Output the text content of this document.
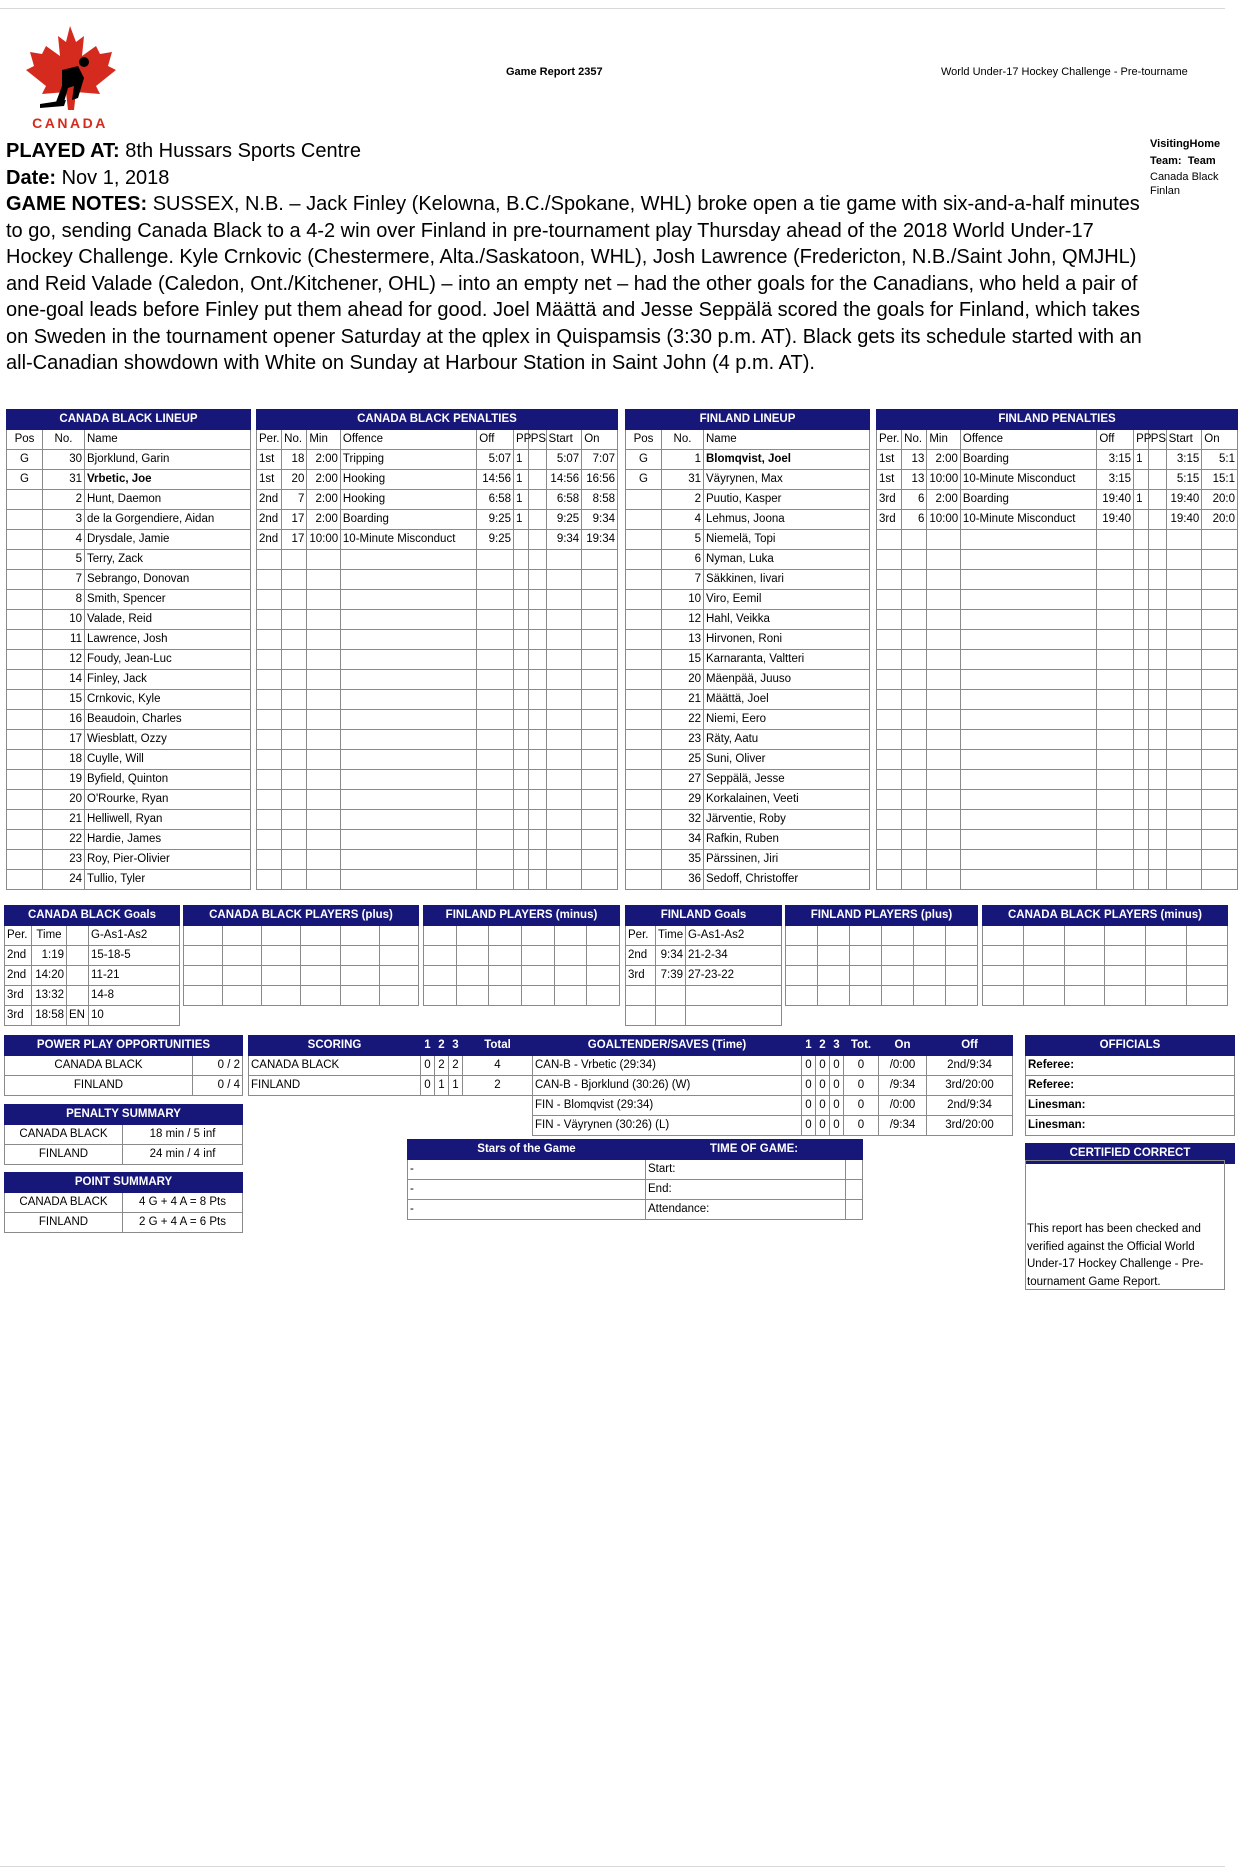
CANADA
Game Report 2357	World Under-17 Hockey Challenge - Pre-tourname
PLAYED AT: 8th Hussars Sports Centre
Date: Nov 1, 2018
GAME NOTES: SUSSEX, N.B. – Jack Finley (Kelowna, B.C./Spokane, WHL) broke open a tie game with six-and-a-half minutes to go, sending Canada Black to a 4-2 win over Finland in pre-tournament play Thursday ahead of the 2018 World Under-17 Hockey Challenge. Kyle Crnkovic (Chestermere, Alta./Saskatoon, WHL), Josh Lawrence (Fredericton, N.B./Saint John, QMJHL) and Reid Valade (Caledon, Ont./Kitchener, OHL) – into an empty net – had the other goals for the Canadians, who held a pair of one-goal leads before Finley put them ahead for good. Joel Määttä and Jesse Seppälä scored the goals for Finland, which takes on Sweden in the tournament opener Saturday at the qplex in Quispamsis (3:30 p.m. AT). Black gets its schedule started with an all-Canadian showdown with White on Sunday at Harbour Station in Saint John (4 p.m. AT).
VisitingHome
Team: Team
Canada Black Finlan
CANADA BLACK LINEUP		
Pos	No.	Name
G	30	Bjorklund, Garin
G	31	Vrbetic, Joe
	2	Hunt, Daemon
	3	de la Gorgendiere, Aidan
	4	Drysdale, Jamie
	5	Terry, Zack
	7	Sebrango, Donovan
	8	Smith, Spencer
	10	Valade, Reid
	11	Lawrence, Josh
	12	Foudy, Jean-Luc
	14	Finley, Jack
	15	Crnkovic, Kyle
	16	Beaudoin, Charles
	17	Wiesblatt, Ozzy
	18	Cuylle, Will
	19	Byfield, Quinton
	20	O'Rourke, Ryan
	21	Helliwell, Ryan
	22	Hardie, James
	23	Roy, Pier-Olivier
	24	Tullio, Tyler
CANADA BLACK PENALTIES								
Per.	No.	Min	Offence	Off	PP	PS	Start	On
1st	18	2:00	Tripping	5:07	1		5:07	7:07
1st	20	2:00	Hooking	14:56	1		14:56	16:56
2nd	7	2:00	Hooking	6:58	1		6:58	8:58
2nd	17	2:00	Boarding	9:25	1		9:25	9:34
2nd	17	10:00	10-Minute Misconduct	9:25			9:34	19:34

FINLAND LINEUP		
Pos	No.	Name
G	1	Blomqvist, Joel
G	31	Väyrynen, Max
	2	Puutio, Kasper
	4	Lehmus, Joona
	5	Niemelä, Topi
	6	Nyman, Luka
	7	Säkkinen, Iivari
	10	Viro, Eemil
	12	Hahl, Veikka
	13	Hirvonen, Roni
	15	Karnaranta, Valtteri
	20	Mäenpää, Juuso
	21	Määttä, Joel
	22	Niemi, Eero
	23	Räty, Aatu
	25	Suni, Oliver
	27	Seppälä, Jesse
	29	Korkalainen, Veeti
	32	Järventie, Roby
	34	Rafkin, Ruben
	35	Pärssinen, Jiri
	36	Sedoff, Christoffer
FINLAND PENALTIES								
Per.	No.	Min	Offence	Off	PP	PS	Start	On
1st	13	2:00	Boarding	3:15	1		3:15	5:1
1st	13	10:00	10-Minute Misconduct	3:15			5:15	15:1
3rd	6	2:00	Boarding	19:40	1		19:40	20:0
3rd	6	10:00	10-Minute Misconduct	19:40			19:40	20:0

CANADA BLACK Goals			
Per.	Time		G-As1-As2
2nd	1:19		15-18-5
2nd	14:20		11-21
3rd	13:32		14-8
3rd	18:58	EN	10
CANADA BLACK PLAYERS (plus)					

						FINLAND PLAYERS (minus)					

						FINLAND Goals		
Per.	Time	G-As1-As2
2nd	9:34	21-2-34
3rd	7:39	27-23-22

FINLAND PLAYERS (plus)					

						CANADA BLACK PLAYERS (minus)					

POWER PLAY OPPORTUNITIES	
CANADA BLACK	0 / 2
FINLAND	0 / 4
PENALTY SUMMARY	
CANADA BLACK	18 min / 5 inf
FINLAND	24 min / 4 inf
POINT SUMMARY	
CANADA BLACK	4 G + 4 A = 8 Pts
FINLAND	2 G + 4 A = 6 Pts
SCORING	1	2	3	Total
CANADA BLACK	0	2	2	4
FINLAND	0	1	1	2
GOALTENDER/SAVES (Time)	1	2	3	Tot.	On	Off
CAN-B - Vrbetic (29:34)	0	0	0	0	/0:00	2nd/9:34
CAN-B - Bjorklund (30:26) (W)	0	0	0	0	/9:34	3rd/20:00
FIN - Blomqvist (29:34)	0	0	0	0	/0:00	2nd/9:34
FIN - Väyrynen (30:26) (L)	0	0	0	0	/9:34	3rd/20:00
Stars of the Game	TIME OF GAME:	
-	Start:	
-	End:	
-	Attendance:	
OFFICIALS
Referee:
Referee:
Linesman:
Linesman:
CERTIFIED CORRECT
This report has been checked and verified against the Official World Under-17 Hockey Challenge - Pre-tournament Game Report.
